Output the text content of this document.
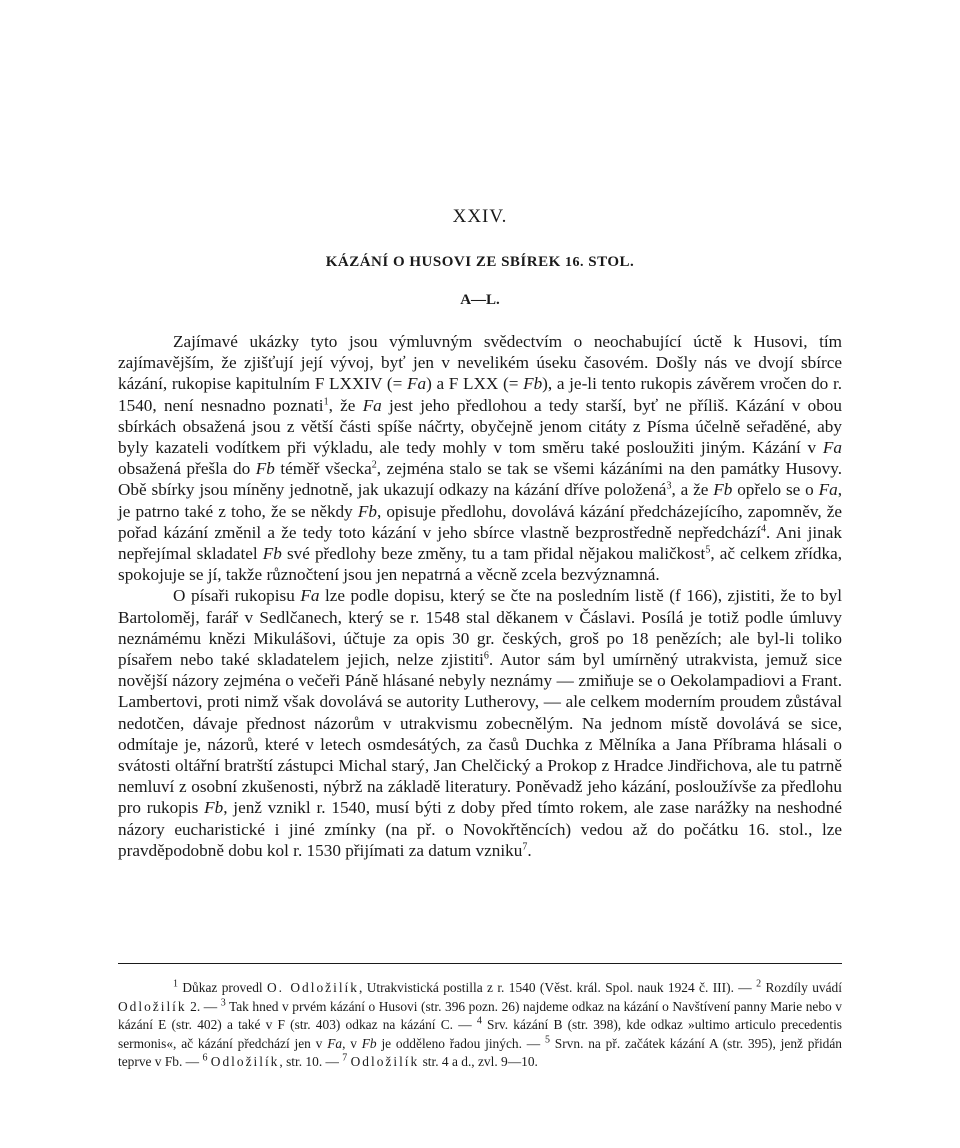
XXIV.
KÁZÁNÍ O HUSOVI ZE SBÍREK 16. STOL.
A—L.

Zajímavé ukázky tyto jsou výmluvným svědectvím o neochabující úctě k Husovi, tím zajímavějším, že zjišťují její vývoj, byť jen v nevelikém úseku časovém. Došly nás ve dvojí sbírce kázání, rukopise kapitulním F LXXIV (= Fa) a F LXX (= Fb), a je-li tento rukopis závěrem vročen do r. 1540, není nesnadno poznati$^1$, že Fa jest jeho předlohou a tedy starší, byť ne příliš. Kázání v obou sbírkách obsažená jsou z větší části spíše náčrty, obyčejně jenom citáty z Písma účelně seřaděné, aby byly kazateli vodítkem při výkladu, ale tedy mohly v tom směru také posloužiti jiným. Kázání v Fa obsažená přešla do Fb téměř všecka$^2$, zejména stalo se tak se všemi kázáními na den památky Husovy. Obě sbírky jsou míněny jednotně, jak ukazují odkazy na kázání dříve položená$^3$, a že Fb opřelo se o Fa, je patrno také z toho, že se někdy Fb, opisuje předlohu, dovolává kázání předcházejícího, zapomněv, že pořad kázání změnil a že tedy toto kázání v jeho sbírce vlastně bezprostředně nepředchází$^4$. Ani jinak nepřejímal skladatel Fb své předlohy beze změny, tu a tam přidal nějakou maličkost$^5$, ač celkem zřídka, spokojuje se jí, takže různočtení jsou jen nepatrná a věcně zcela bezvýznamná.

O písaři rukopisu Fa lze podle dopisu, který se čte na posledním listě (f 166), zjistiti, že to byl Bartoloměj, farář v Sedlčanech, který se r. 1548 stal děkanem v Čáslavi. Posílá je totiž podle úmluvy neznámému knězi Mikulášovi, účtuje za opis 30 gr. českých, groš po 18 penězích; ale byl-li toliko písařem nebo také skladatelem jejich, nelze zjistiti$^6$. Autor sám byl umírněný utrakvista, jemuž sice novější názory zejména o večeři Páně hlásané nebyly neznámy — zmiňuje se o Oekolampadiovi a Frant. Lambertovi, proti nimž však dovolává se autority Lutherovy, — ale celkem moderním proudem zůstával nedotčen, dávaje přednost názorům v utrakvismu zobecnělým. Na jednom místě dovolává se sice, odmítaje je, názorů, které v letech osmdesátých, za časů Duchka z Mělníka a Jana Příbrama hlásali o svátosti oltářní bratrští zástupci Michal starý, Jan Chelčický a Prokop z Hradce Jindřichova, ale tu patrně nemluví z osobní zkušenosti, nýbrž na základě literatury. Poněvadž jeho kázání, posloužívše za předlohu pro rukopis Fb, jenž vznikl r. 1540, musí býti z doby před tímto rokem, ale zase narážky na neshodné názory eucharistické i jiné zmínky (na př. o Novokřtěncích) vedou až do počátku 16. stol., lze pravděpodobně dobu kol r. 1530 přijímati za datum vzniku$^7$.

$^1$ Důkaz provedl O. Odložilík, Utrakvistická postilla z r. 1540 (Věst. král. Spol. nauk 1924 č. III). — $^2$ Rozdíly uvádí Odložilík 2. — $^3$ Tak hned v prvém kázání o Husovi (str. 396 pozn. 26) najdeme odkaz na kázání o Navštívení panny Marie nebo v kázání E (str. 402) a také v F (str. 403) odkaz na kázání C. — $^4$ Srv. kázání B (str. 398), kde odkaz »ultimo articulo precedentis sermonis«, ač kázání předchází jen v Fa, v Fb je odděleno řadou jiných. — $^5$ Srvn. na př. začátek kázání A (str. 395), jenž přidán teprve v Fb. — $^6$ Odložilík, str. 10. — $^7$ Odložilík str. 4 a d., zvl. 9—10.
